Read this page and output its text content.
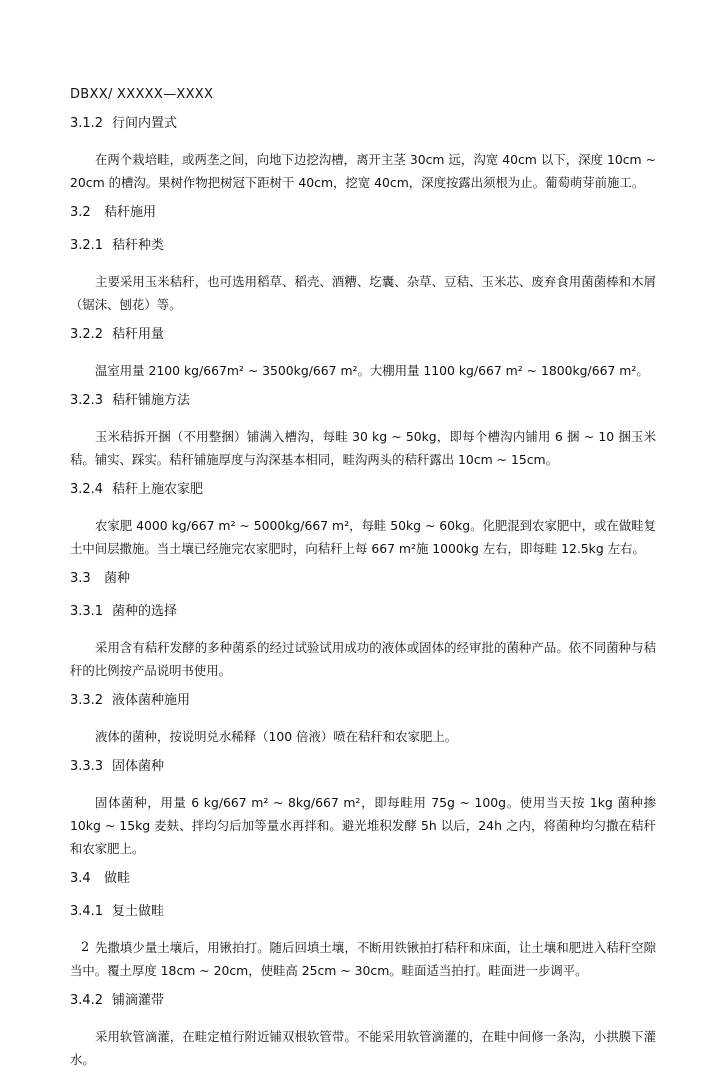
DBXX/ XXXXX—XXXX
3.1.2 行间内置式

在两个栽培畦，或两垄之间，向地下边挖沟槽，离开主茎 30cm 远，沟宽 40cm 以下，深度 10cm ~ 20cm 的槽沟。果树作物把树冠下距树干 40cm，挖宽 40cm，深度按露出须根为止。葡萄萌芽前施工。

3.2 秸秆施用
3.2.1 秸秆种类

主要采用玉米秸秆，也可选用稻草、稻壳、酒糟、圪囊、杂草、豆秸、玉米芯、废弃食用菌菌棒和木屑（锯沫、刨花）等。

3.2.2 秸秆用量

温室用量 2100 kg/667m² ~ 3500kg/667 m²。大棚用量 1100 kg/667 m² ~ 1800kg/667 m²。

3.2.3 秸秆铺施方法

玉米秸拆开捆（不用整捆）铺满入槽沟，每畦 30 kg ~ 50kg，即每个槽沟内铺用 6 捆 ~ 10 捆玉米秸。铺实、踩实。秸秆铺施厚度与沟深基本相同，畦沟两头的秸秆露出 10cm ~ 15cm。

3.2.4 秸秆上施农家肥

农家肥 4000 kg/667 m² ~ 5000kg/667 m²，每畦 50kg ~ 60kg。化肥混到农家肥中，或在做畦复土中间层撒施。当土壤已经施完农家肥时，向秸秆上每 667 m²施 1000kg 左右，即每畦 12.5kg 左右。

3.3 菌种
3.3.1 菌种的选择

采用含有秸秆发酵的多种菌系的经过试验试用成功的液体或固体的经审批的菌种产品。依不同菌种与秸秆的比例按产品说明书使用。

3.3.2 液体菌种施用

液体的菌种，按说明兑水稀释（100 倍液）喷在秸秆和农家肥上。

3.3.3 固体菌种

固体菌种，用量 6 kg/667 m² ~ 8kg/667 m²，即每畦用 75g ~ 100g。使用当天按 1kg 菌种掺 10kg ~ 15kg 麦麸、拌均匀后加等量水再拌和。避光堆积发酵 5h 以后，24h 之内，将菌种均匀撒在秸秆和农家肥上。

3.4 做畦
3.4.1 复土做畦

先撒填少量土壤后，用锹拍打。随后回填土壤，不断用铁锹拍打秸秆和床面，让土壤和肥进入秸秆空隙当中。覆土厚度 18cm ~ 20cm，使畦高 25cm ~ 30cm。畦面适当拍打。畦面进一步调平。

3.4.2 铺滴灌带

采用软管滴灌，在畦定植行附近铺双根软管带。不能采用软管滴灌的，在畦中间修一条沟，小拱膜下灌水。

2
